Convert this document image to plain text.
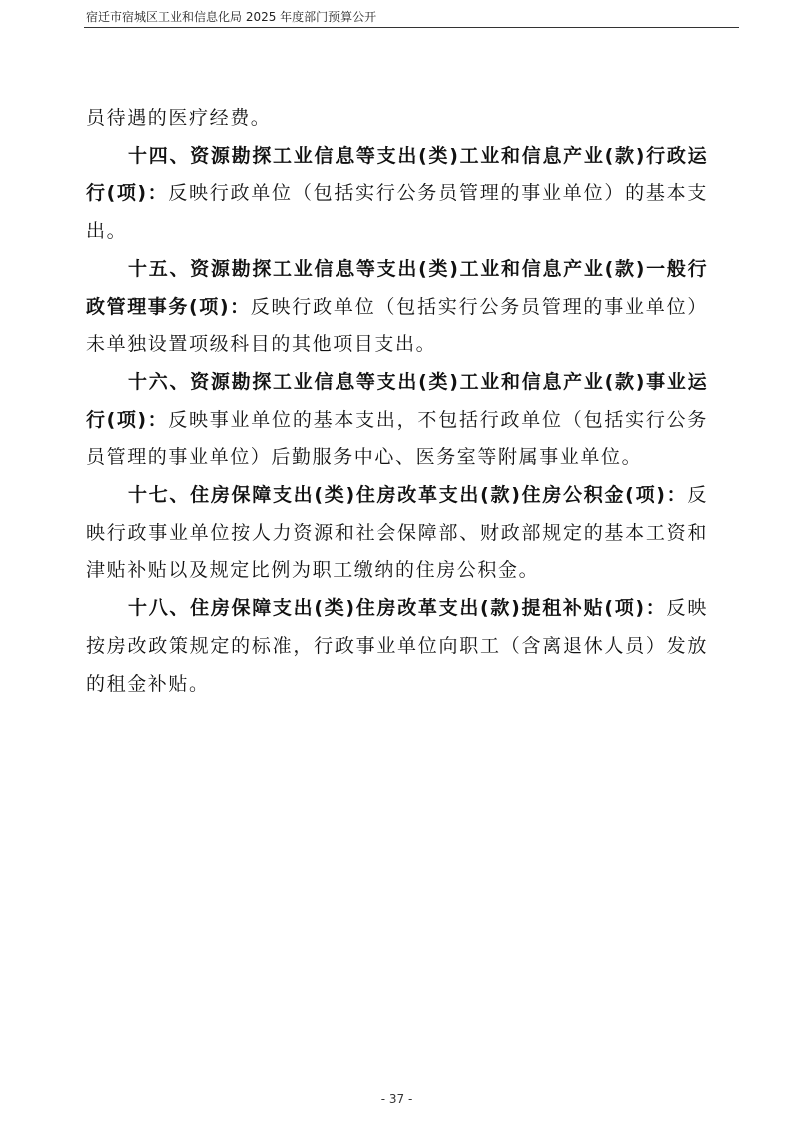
宿迁市宿城区工业和信息化局 2025 年度部门预算公开

员待遇的医疗经费。

十四、资源勘探工业信息等支出(类)工业和信息产业(款)行政运行(项)：反映行政单位（包括实行公务员管理的事业单位）的基本支出。

十五、资源勘探工业信息等支出(类)工业和信息产业(款)一般行政管理事务(项)：反映行政单位（包括实行公务员管理的事业单位）未单独设置项级科目的其他项目支出。

十六、资源勘探工业信息等支出(类)工业和信息产业(款)事业运行(项)：反映事业单位的基本支出，不包括行政单位（包括实行公务员管理的事业单位）后勤服务中心、医务室等附属事业单位。

十七、住房保障支出(类)住房改革支出(款)住房公积金(项)：反映行政事业单位按人力资源和社会保障部、财政部规定的基本工资和津贴补贴以及规定比例为职工缴纳的住房公积金。

十八、住房保障支出(类)住房改革支出(款)提租补贴(项)：反映按房改政策规定的标准，行政事业单位向职工（含离退休人员）发放的租金补贴。

- 37 -
